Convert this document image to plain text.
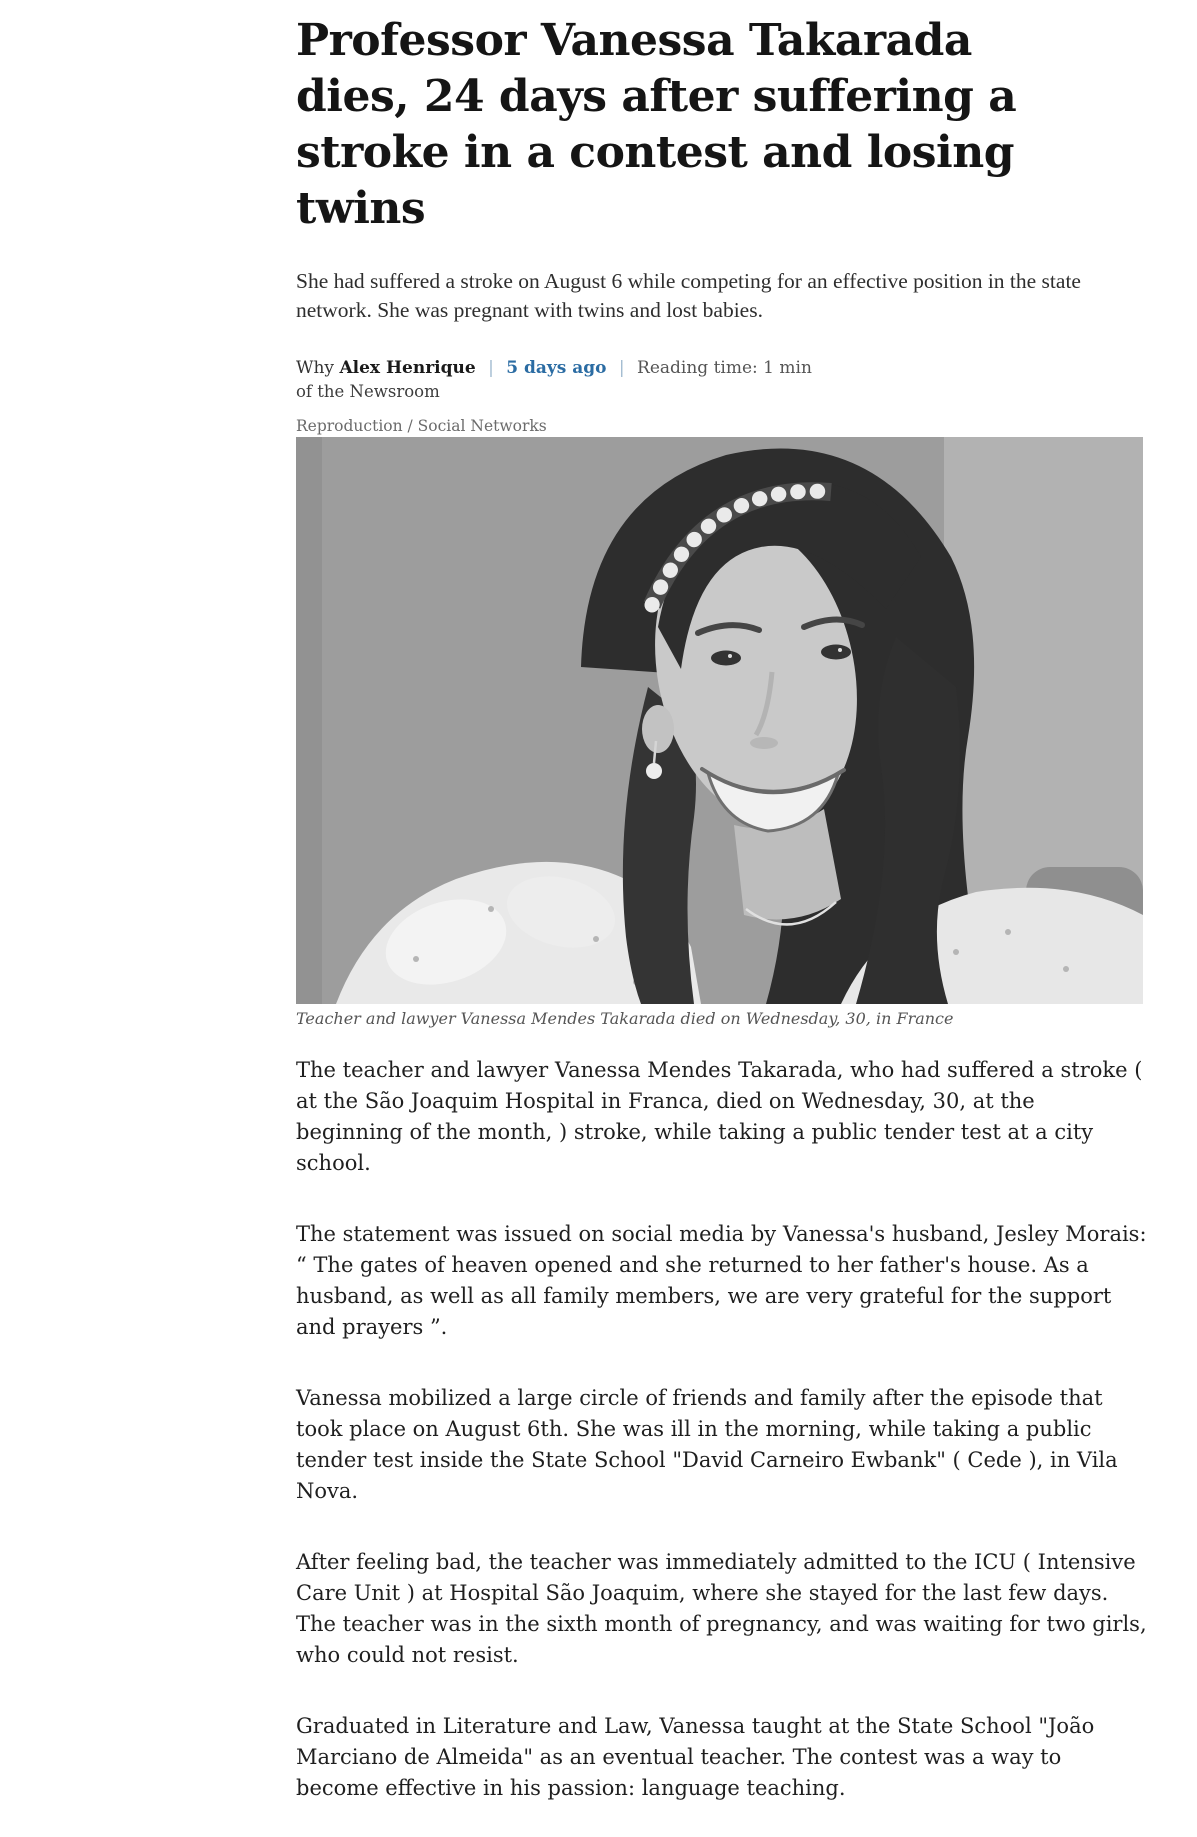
Professor Vanessa Takarada
dies, 24 days after suffering a
stroke in a contest and losing
twins

She had suffered a stroke on August 6 while competing for an effective position in the state network. She was pregnant with twins and lost babies.

Why Alex Henrique | 5 days ago | Reading time: 1 min
of the Newsroom
Reproduction / Social Networks
Teacher and lawyer Vanessa Mendes Takarada died on Wednesday, 30, in France

The teacher and lawyer Vanessa Mendes Takarada, who had suffered a stroke ( at the São Joaquim Hospital in Franca, died on Wednesday, 30, at the beginning of the month, ) stroke, while taking a public tender test at a city school.

The statement was issued on social media by Vanessa's husband, Jesley Morais: “ The gates of heaven opened and she returned to her father's house. As a husband, as well as all family members, we are very grateful for the support and prayers ”.

Vanessa mobilized a large circle of friends and family after the episode that took place on August 6th. She was ill in the morning, while taking a public tender test inside the State School "David Carneiro Ewbank" ( Cede ), in Vila Nova.

After feeling bad, the teacher was immediately admitted to the ICU ( Intensive Care Unit ) at Hospital São Joaquim, where she stayed for the last few days. The teacher was in the sixth month of pregnancy, and was waiting for two girls, who could not resist.

Graduated in Literature and Law, Vanessa taught at the State School "João Marciano de Almeida" as an eventual teacher. The contest was a way to become effective in his passion: language teaching.
